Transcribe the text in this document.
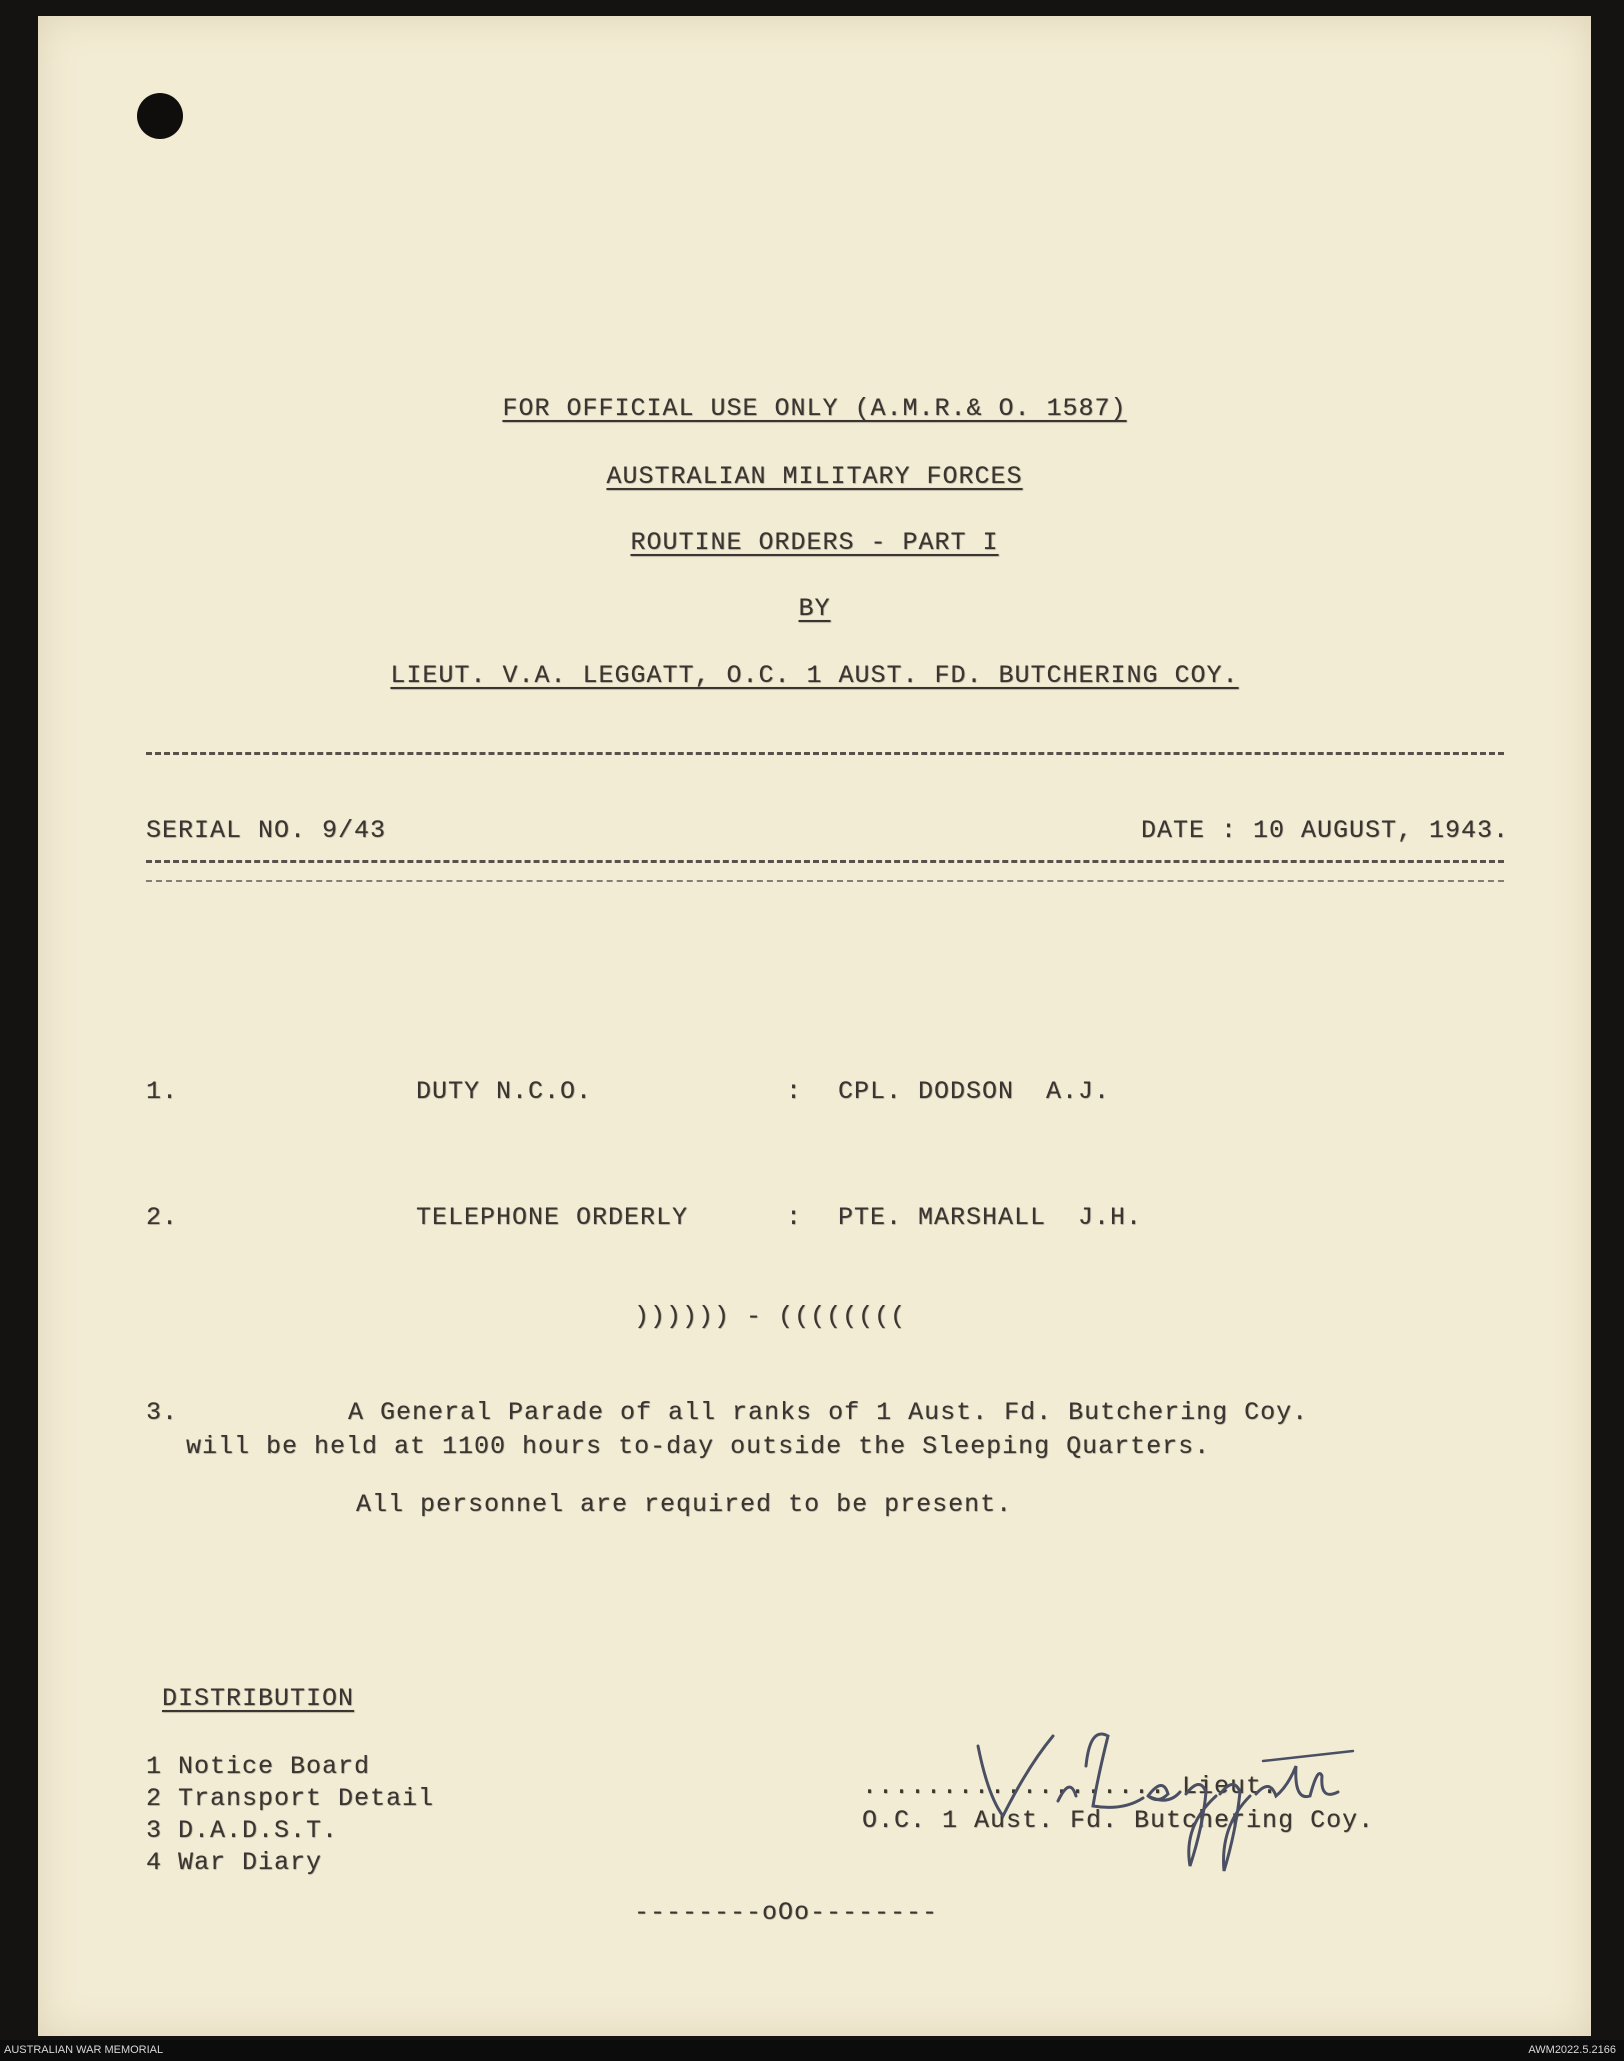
FOR OFFICIAL USE ONLY (A.M.R.& O. 1587)
AUSTRALIAN MILITARY FORCES
ROUTINE ORDERS - PART I
BY
LIEUT. V.A. LEGGATT, O.C. 1 AUST. FD. BUTCHERING COY.
SERIAL NO. 9/43	DATE : 10 AUGUST, 1943.
1.	DUTY N.C.O.	: CPL. DODSON  A.J.
2.	TELEPHONE ORDERLY	: PTE. MARSHALL  J.H.
)))))) - ((((((((
3.	A General Parade of all ranks of 1 Aust. Fd. Butchering Coy.
will be held at 1100 hours to-day outside the Sleeping Quarters.
All personnel are required to be present.
DISTRIBUTION
1 Notice Board
2 Transport Detail
3 D.A.D.S.T.
4 War Diary
................... Lieut.
O.C. 1 Aust. Fd. Butchering Coy.
--------oOo--------
AUSTRALIAN WAR MEMORIAL	AWM2022.5.2166
